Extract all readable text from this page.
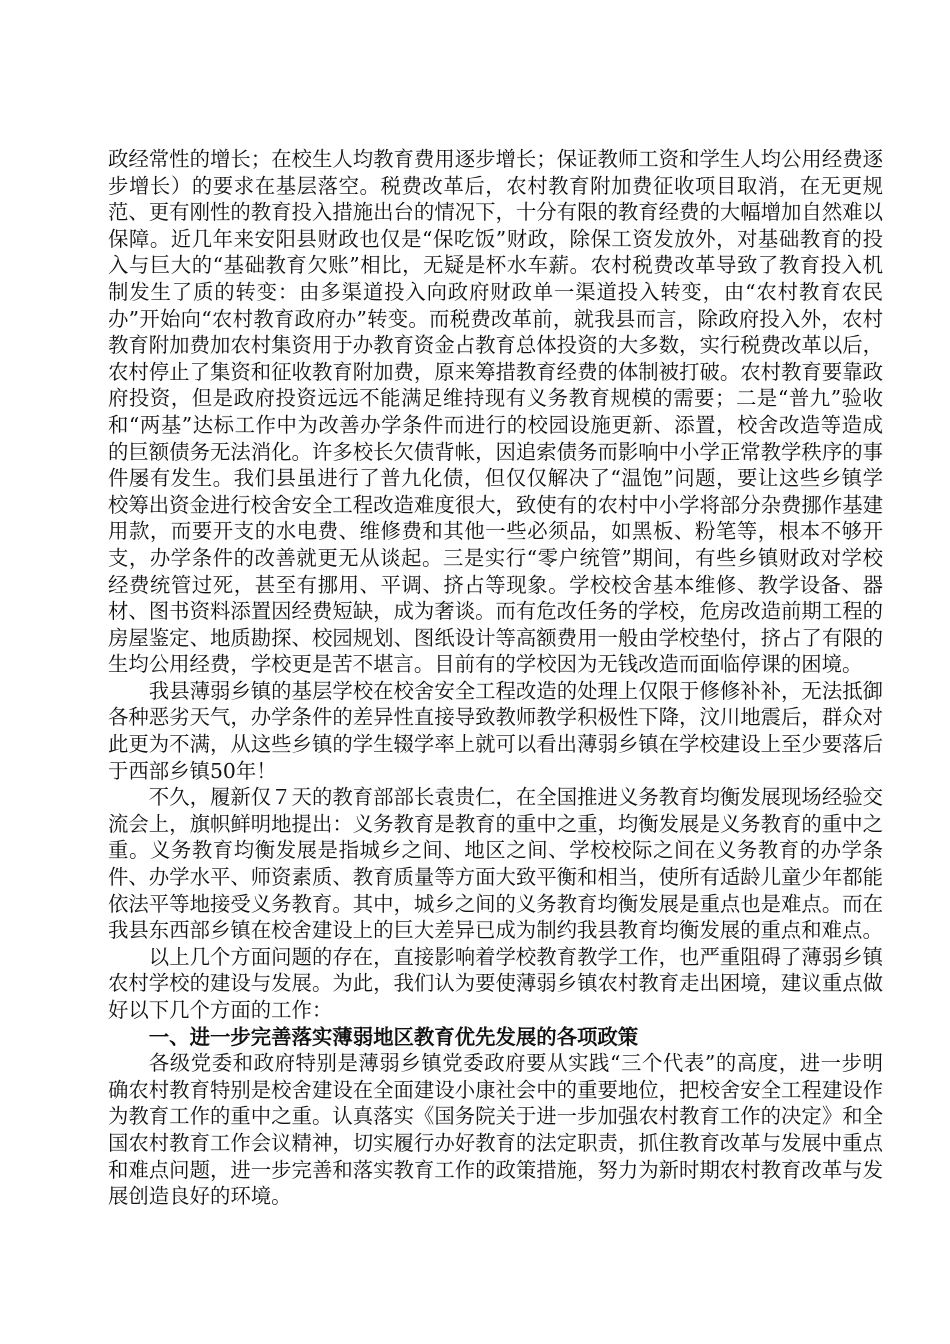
政经常性的增长；在校生人均教育费用逐步增长；保证教师工资和学生人均公用经费逐步增长）的要求在基层落空。税费改革后，农村教育附加费征收项目取消，在无更规范、更有刚性的教育投入措施出台的情况下，十分有限的教育经费的大幅增加自然难以保障。近几年来安阳县财政也仅是“保吃饭”财政，除保工资发放外，对基础教育的投入与巨大的“基础教育欠账”相比，无疑是杯水车薪。农村税费改革导致了教育投入机制发生了质的转变：由多渠道投入向政府财政单一渠道投入转变，由“农村教育农民办”开始向“农村教育政府办”转变。而税费改革前，就我县而言，除政府投入外，农村教育附加费加农村集资用于办教育资金占教育总体投资的大多数，实行税费改革以后，农村停止了集资和征收教育附加费，原来筹措教育经费的体制被打破。农村教育要靠政府投资，但是政府投资远远不能满足维持现有义务教育规模的需要；二是“普九”验收和“两基”达标工作中为改善办学条件而进行的校园设施更新、添置，校舍改造等造成的巨额债务无法消化。许多校长欠债背帐，因追索债务而影响中小学正常教学秩序的事件屡有发生。我们县虽进行了普九化债，但仅仅解决了“温饱”问题，要让这些乡镇学校筹出资金进行校舍安全工程改造难度很大，致使有的农村中小学将部分杂费挪作基建用款，而要开支的水电费、维修费和其他一些必须品，如黑板、粉笔等，根本不够开支，办学条件的改善就更无从谈起。三是实行“零户统管”期间，有些乡镇财政对学校经费统管过死，甚至有挪用、平调、挤占等现象。学校校舍基本维修、教学设备、器材、图书资料添置因经费短缺，成为奢谈。而有危改任务的学校，危房改造前期工程的房屋鉴定、地质勘探、校园规划、图纸设计等高额费用一般由学校垫付，挤占了有限的生均公用经费，学校更是苦不堪言。目前有的学校因为无钱改造而面临停课的困境。

我县薄弱乡镇的基层学校在校舍安全工程改造的处理上仅限于修修补补，无法抵御各种恶劣天气，办学条件的差异性直接导致教师教学积极性下降，汶川地震后，群众对此更为不满，从这些乡镇的学生辍学率上就可以看出薄弱乡镇在学校建设上至少要落后于西部乡镇50年！

不久，履新仅７天的教育部部长袁贵仁，在全国推进义务教育均衡发展现场经验交流会上，旗帜鲜明地提出：义务教育是教育的重中之重，均衡发展是义务教育的重中之重。义务教育均衡发展是指城乡之间、地区之间、学校校际之间在义务教育的办学条件、办学水平、师资素质、教育质量等方面大致平衡和相当，使所有适龄儿童少年都能依法平等地接受义务教育。其中，城乡之间的义务教育均衡发展是重点也是难点。而在我县东西部乡镇在校舍建设上的巨大差异已成为制约我县教育均衡发展的重点和难点。

以上几个方面问题的存在，直接影响着学校教育教学工作，也严重阻碍了薄弱乡镇农村学校的建设与发展。为此，我们认为要使薄弱乡镇农村教育走出困境，建议重点做好以下几个方面的工作：

一、进一步完善落实薄弱地区教育优先发展的各项政策

各级党委和政府特别是薄弱乡镇党委政府要从实践“三个代表”的高度，进一步明确农村教育特别是校舍建设在全面建设小康社会中的重要地位，把校舍安全工程建设作为教育工作的重中之重。认真落实《国务院关于进一步加强农村教育工作的决定》和全国农村教育工作会议精神，切实履行办好教育的法定职责，抓住教育改革与发展中重点和难点问题，进一步完善和落实教育工作的政策措施，努力为新时期农村教育改革与发展创造良好的环境。
